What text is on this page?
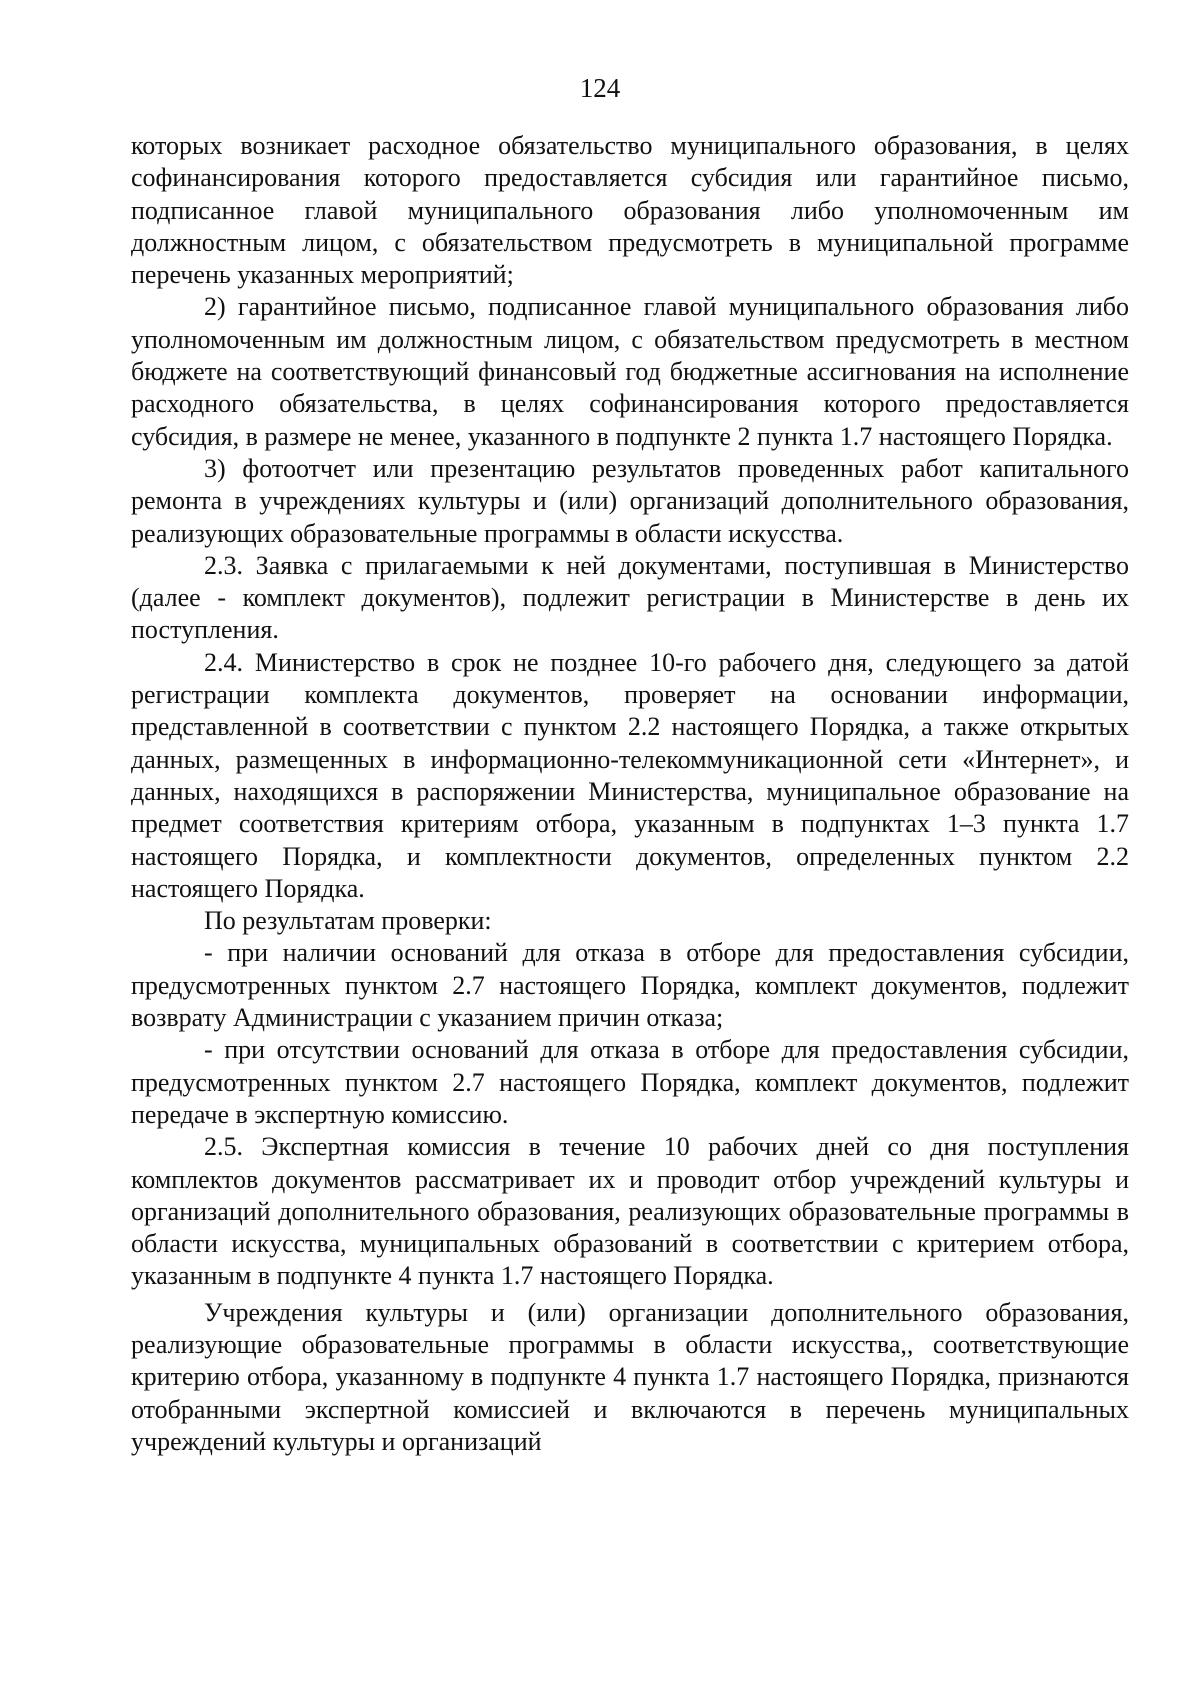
124

которых возникает расходное обязательство муниципального образования, в целях софинансирования которого предоставляется субсидия или гарантийное письмо, подписанное главой муниципального образования либо уполномоченным им должностным лицом, с обязательством предусмотреть в муниципальной программе перечень указанных мероприятий;

2) гарантийное письмо, подписанное главой муниципального образования либо уполномоченным им должностным лицом, с обязательством предусмотреть в местном бюджете на соответствующий финансовый год бюджетные ассигнования на исполнение расходного обязательства, в целях софинансирования которого предоставляется субсидия, в размере не менее, указанного в подпункте 2 пункта 1.7 настоящего Порядка.

3) фотоотчет или презентацию результатов проведенных работ капитального ремонта в учреждениях культуры и (или) организаций дополнительного образования, реализующих образовательные программы в области искусства.

2.3. Заявка с прилагаемыми к ней документами, поступившая в Министерство (далее - комплект документов), подлежит регистрации в Министерстве в день их поступления.

2.4. Министерство в срок не позднее 10-го рабочего дня, следующего за датой регистрации комплекта документов, проверяет на основании информации, представленной в соответствии с пунктом 2.2 настоящего Порядка, а также открытых данных, размещенных в информационно-телекоммуникационной сети «Интернет», и данных, находящихся в распоряжении Министерства, муниципальное образование на предмет соответствия критериям отбора, указанным в подпунктах 1–3 пункта 1.7 настоящего Порядка, и комплектности документов, определенных пунктом 2.2 настоящего Порядка.

По результатам проверки:

- при наличии оснований для отказа в отборе для предоставления субсидии, предусмотренных пунктом 2.7 настоящего Порядка, комплект документов, подлежит возврату Администрации с указанием причин отказа;

- при отсутствии оснований для отказа в отборе для предоставления субсидии, предусмотренных пунктом 2.7 настоящего Порядка, комплект документов, подлежит передаче в экспертную комиссию.

2.5. Экспертная комиссия в течение 10 рабочих дней со дня поступления комплектов документов рассматривает их и проводит отбор учреждений культуры и организаций дополнительного образования, реализующих образовательные программы в области искусства, муниципальных образований в соответствии с критерием отбора, указанным в подпункте 4 пункта 1.7 настоящего Порядка.

Учреждения культуры и (или) организации дополнительного образования, реализующие образовательные программы в области искусства,, соответствующие критерию отбора, указанному в подпункте 4 пункта 1.7 настоящего Порядка, признаются отобранными экспертной комиссией и включаются в перечень муниципальных учреждений культуры и организаций
